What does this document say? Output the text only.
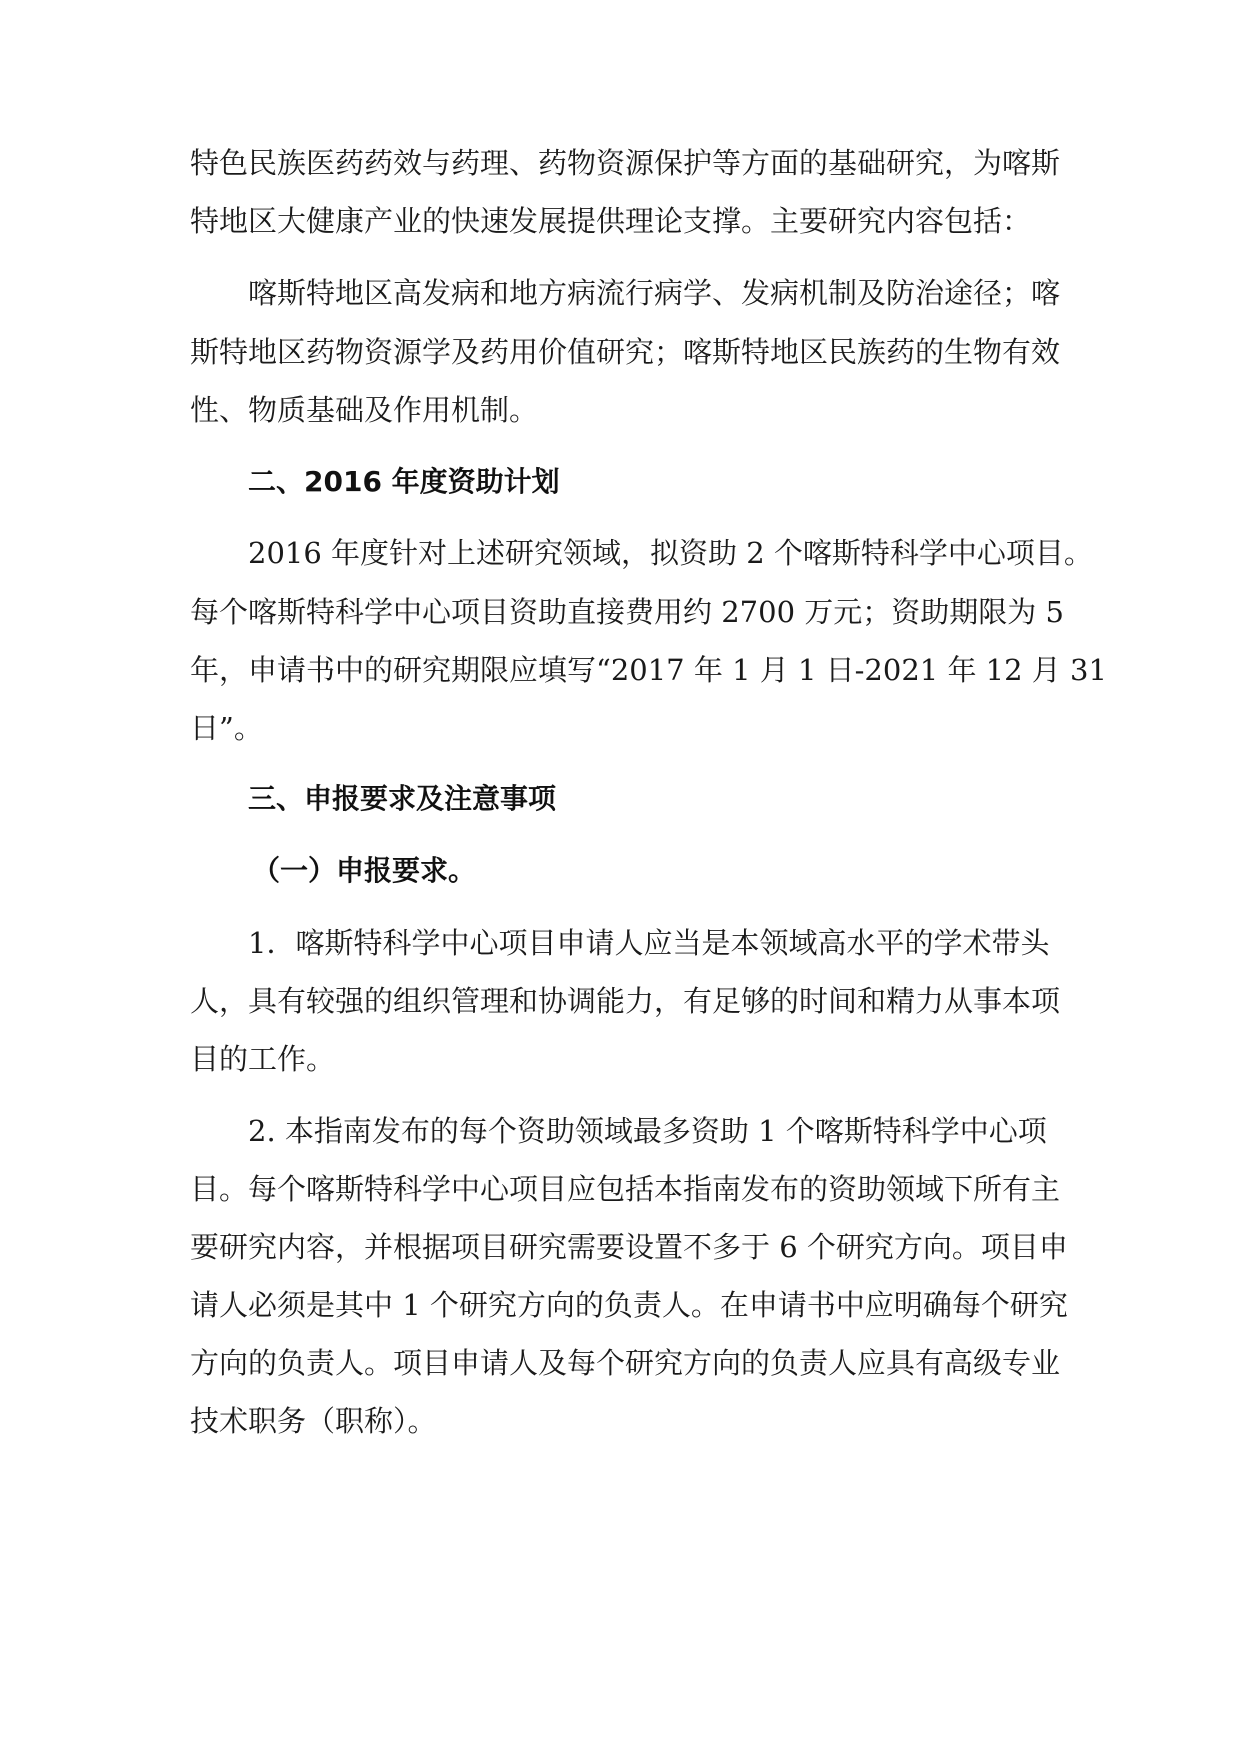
特色民族医药药效与药理、药物资源保护等方面的基础研究，为喀斯
特地区大健康产业的快速发展提供理论支撑。主要研究内容包括：
喀斯特地区高发病和地方病流行病学、发病机制及防治途径；喀
斯特地区药物资源学及药用价值研究；喀斯特地区民族药的生物有效
性、物质基础及作用机制。
二、2016 年度资助计划
2016 年度针对上述研究领域，拟资助 2 个喀斯特科学中心项目。
每个喀斯特科学中心项目资助直接费用约 2700 万元；资助期限为 5
年，申请书中的研究期限应填写“2017 年 1 月 1 日-2021 年 12 月 31
日”。
三、申报要求及注意事项
（一）申报要求。
1．喀斯特科学中心项目申请人应当是本领域高水平的学术带头
人，具有较强的组织管理和协调能力，有足够的时间和精力从事本项
目的工作。
2. 本指南发布的每个资助领域最多资助 1 个喀斯特科学中心项
目。每个喀斯特科学中心项目应包括本指南发布的资助领域下所有主
要研究内容，并根据项目研究需要设置不多于 6 个研究方向。项目申
请人必须是其中 1 个研究方向的负责人。在申请书中应明确每个研究
方向的负责人。项目申请人及每个研究方向的负责人应具有高级专业
技术职务（职称）。
